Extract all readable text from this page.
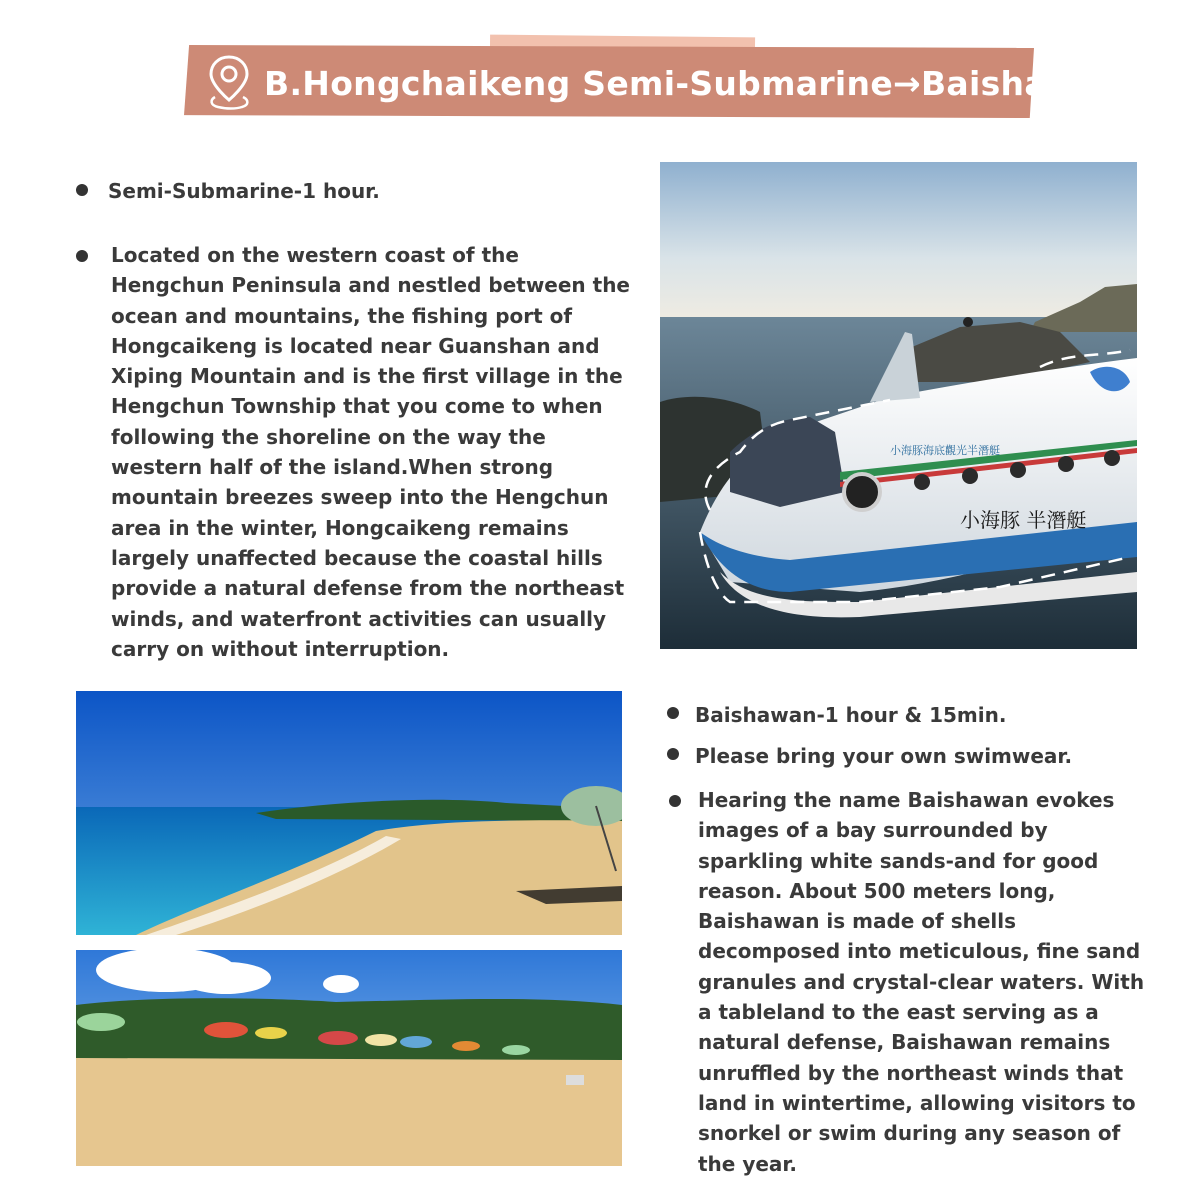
B.Hongchaikeng Semi-Submarine→Baishawan
Semi-Submarine-1 hour.
Located on the western coast of the Hengchun Peninsula and nestled between the ocean and mountains, the fishing port of Hongcaikeng is located near Guanshan and Xiping Mountain and is the first village in the Hengchun Township that you come to when following the shoreline on the way the western half of the island.When strong mountain breezes sweep into the Hengchun area in the winter, Hongcaikeng remains largely unaffected because the coastal hills provide a natural defense from the northeast winds, and waterfront activities can usually carry on without interruption.
小海豚 半潛艇
小海豚海底觀光半潛艇
Baishawan-1 hour & 15min.
Please bring your own swimwear.
Hearing the name Baishawan evokes images of a bay surrounded by sparkling white sands-and for good reason. About 500 meters long, Baishawan is made of shells decomposed into meticulous, fine sand granules and crystal-clear waters. With a tableland to the east serving as a natural defense, Baishawan remains unruffled by the northeast winds that land in wintertime, allowing visitors to snorkel or swim during any season of the year.
